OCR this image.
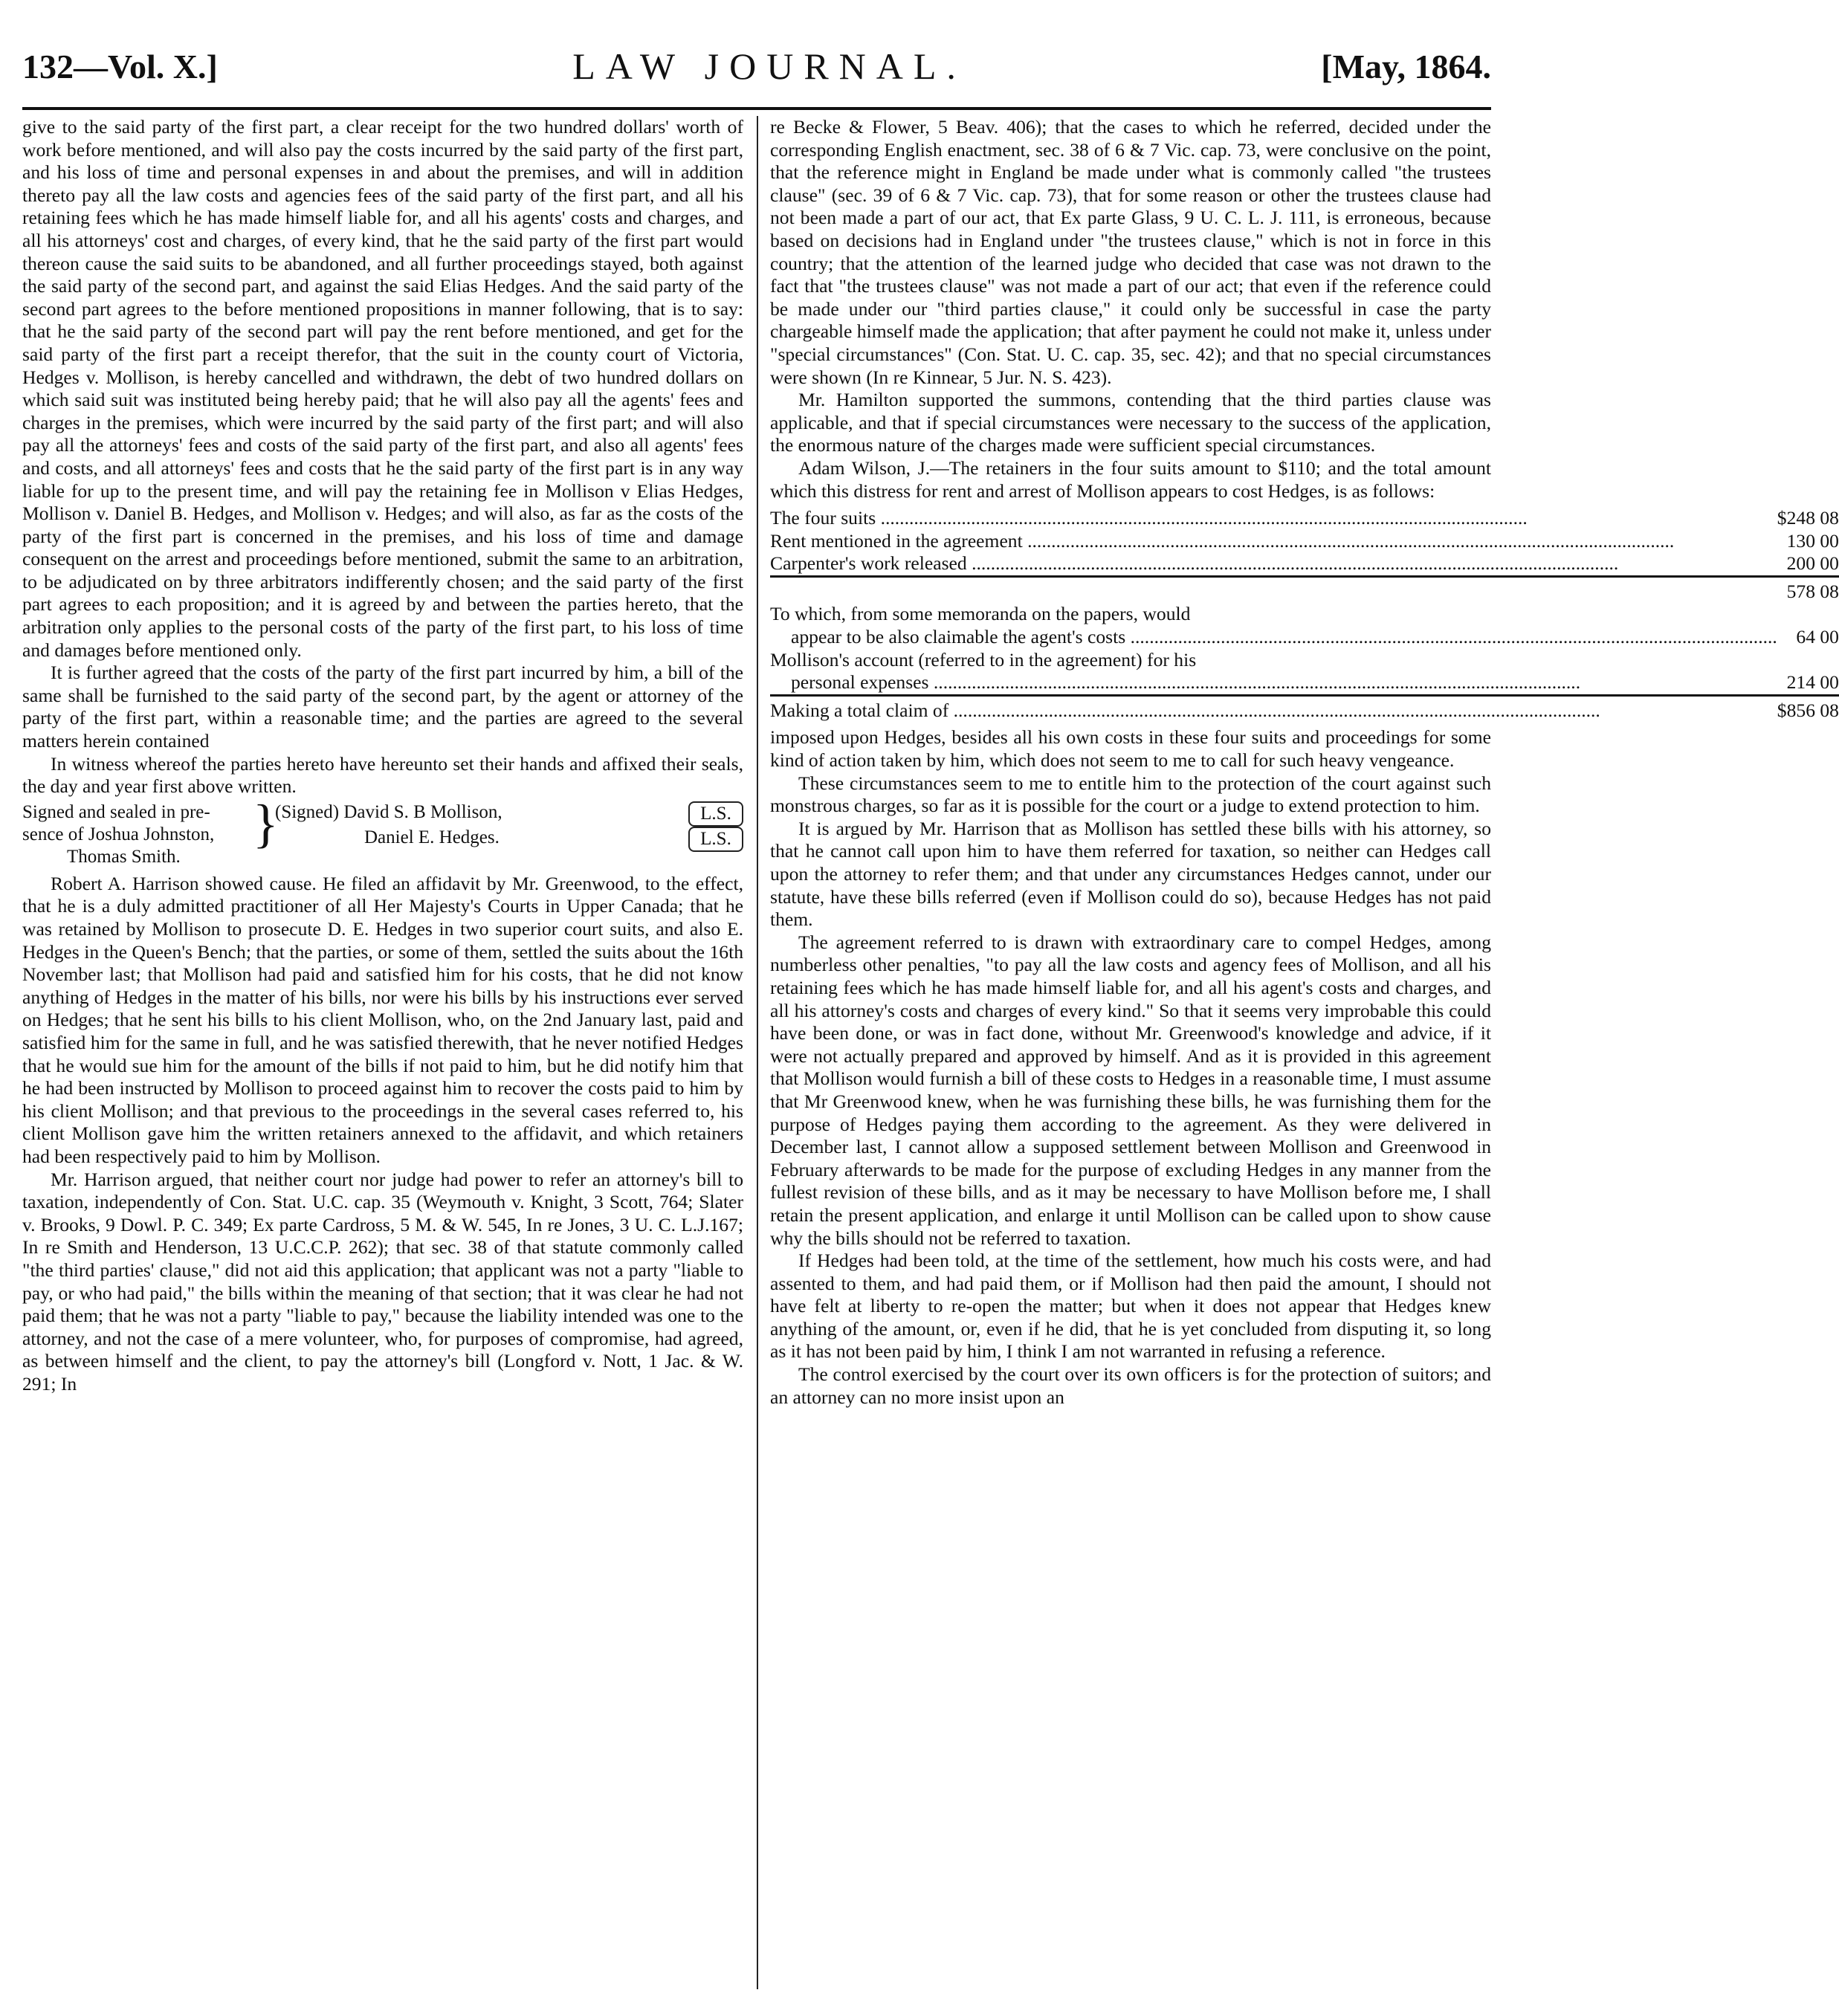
132—Vol. X.]	LAW JOURNAL.	[May, 1864.

give to the said party of the first part, a clear receipt for the two hundred dollars' worth of work before mentioned, and will also pay the costs incurred by the said party of the first part, and his loss of time and personal expenses in and about the premises, and will in addition thereto pay all the law costs and agencies fees of the said party of the first part, and all his retaining fees which he has made himself liable for, and all his agents' costs and charges, and all his attorneys' cost and charges, of every kind, that he the said party of the first part would thereon cause the said suits to be abandoned, and all further proceedings stayed, both against the said party of the second part, and against the said Elias Hedges. And the said party of the second part agrees to the before mentioned propositions in manner following, that is to say: that he the said party of the second part will pay the rent before mentioned, and get for the said party of the first part a receipt therefor, that the suit in the county court of Victoria, Hedges v. Mollison, is hereby cancelled and withdrawn, the debt of two hundred dollars on which said suit was instituted being hereby paid; that he will also pay all the agents' fees and charges in the premises, which were incurred by the said party of the first part; and will also pay all the attorneys' fees and costs of the said party of the first part, and also all agents' fees and costs, and all attorneys' fees and costs that he the said party of the first part is in any way liable for up to the present time, and will pay the retaining fee in Mollison v Elias Hedges, Mollison v. Daniel B. Hedges, and Mollison v. Hedges; and will also, as far as the costs of the party of the first part is concerned in the premises, and his loss of time and damage consequent on the arrest and proceedings before mentioned, submit the same to an arbitration, to be adjudicated on by three arbitrators indifferently chosen; and the said party of the first part agrees to each proposition; and it is agreed by and between the parties hereto, that the arbitration only applies to the personal costs of the party of the first part, to his loss of time and damages before mentioned only.

It is further agreed that the costs of the party of the first part incurred by him, a bill of the same shall be furnished to the said party of the second part, by the agent or attorney of the party of the first part, within a reasonable time; and the parties are agreed to the several matters herein contained

In witness whereof the parties hereto have hereunto set their hands and affixed their seals, the day and year first above written.

Signed and sealed in pre-
sence of Joshua Johnston,
Thomas Smith.
}
(Signed) David S. B Mollison,	L.S.
Daniel E. Hedges.	L.S.

Robert A. Harrison showed cause. He filed an affidavit by Mr. Greenwood, to the effect, that he is a duly admitted practitioner of all Her Majesty's Courts in Upper Canada; that he was retained by Mollison to prosecute D. E. Hedges in two superior court suits, and also E. Hedges in the Queen's Bench; that the parties, or some of them, settled the suits about the 16th November last; that Mollison had paid and satisfied him for his costs, that he did not know anything of Hedges in the matter of his bills, nor were his bills by his instructions ever served on Hedges; that he sent his bills to his client Mollison, who, on the 2nd January last, paid and satisfied him for the same in full, and he was satisfied therewith, that he never notified Hedges that he would sue him for the amount of the bills if not paid to him, but he did notify him that he had been instructed by Mollison to proceed against him to recover the costs paid to him by his client Mollison; and that previous to the proceedings in the several cases referred to, his client Mollison gave him the written retainers annexed to the affidavit, and which retainers had been respectively paid to him by Mollison.

Mr. Harrison argued, that neither court nor judge had power to refer an attorney's bill to taxation, independently of Con. Stat. U.C. cap. 35 (Weymouth v. Knight, 3 Scott, 764; Slater v. Brooks, 9 Dowl. P. C. 349; Ex parte Cardross, 5 M. & W. 545, In re Jones, 3 U. C. L.J.167; In re Smith and Henderson, 13 U.C.C.P. 262); that sec. 38 of that statute commonly called "the third parties' clause," did not aid this application; that applicant was not a party "liable to pay, or who had paid," the bills within the meaning of that section; that it was clear he had not paid them; that he was not a party "liable to pay," because the liability intended was one to the attorney, and not the case of a mere volunteer, who, for purposes of compromise, had agreed, as between himself and the client, to pay the attorney's bill (Longford v. Nott, 1 Jac. & W. 291; In

re Becke & Flower, 5 Beav. 406); that the cases to which he referred, decided under the corresponding English enactment, sec. 38 of 6 & 7 Vic. cap. 73, were conclusive on the point, that the reference might in England be made under what is commonly called "the trustees clause" (sec. 39 of 6 & 7 Vic. cap. 73), that for some reason or other the trustees clause had not been made a part of our act, that Ex parte Glass, 9 U. C. L. J. 111, is erroneous, because based on decisions had in England under "the trustees clause," which is not in force in this country; that the attention of the learned judge who decided that case was not drawn to the fact that "the trustees clause" was not made a part of our act; that even if the reference could be made under our "third parties clause," it could only be successful in case the party chargeable himself made the application; that after payment he could not make it, unless under "special circumstances" (Con. Stat. U. C. cap. 35, sec. 42); and that no special circumstances were shown (In re Kinnear, 5 Jur. N. S. 423).

Mr. Hamilton supported the summons, contending that the third parties clause was applicable, and that if special circumstances were necessary to the success of the application, the enormous nature of the charges made were sufficient special circumstances.

Adam Wilson, J.—The retainers in the four suits amount to $110; and the total amount which this distress for rent and arrest of Mollison appears to cost Hedges, is as follows:

The four suits .....	$248 08
Rent mentioned in the agreement .....	130 00
Carpenter's work released .....	200 00
	578 08
To which, from some memoranda on the papers, would	
appear to be also claimable the agent's costs .....	64 00
Mollison's account (referred to in the agreement) for his	
personal expenses .....	214 00
Making a total claim of .....	$856 08

imposed upon Hedges, besides all his own costs in these four suits and proceedings for some kind of action taken by him, which does not seem to me to call for such heavy vengeance.

These circumstances seem to me to entitle him to the protection of the court against such monstrous charges, so far as it is possible for the court or a judge to extend protection to him.

It is argued by Mr. Harrison that as Mollison has settled these bills with his attorney, so that he cannot call upon him to have them referred for taxation, so neither can Hedges call upon the attorney to refer them; and that under any circumstances Hedges cannot, under our statute, have these bills referred (even if Mollison could do so), because Hedges has not paid them.

The agreement referred to is drawn with extraordinary care to compel Hedges, among numberless other penalties, "to pay all the law costs and agency fees of Mollison, and all his retaining fees which he has made himself liable for, and all his agent's costs and charges, and all his attorney's costs and charges of every kind." So that it seems very improbable this could have been done, or was in fact done, without Mr. Greenwood's knowledge and advice, if it were not actually prepared and approved by himself. And as it is provided in this agreement that Mollison would furnish a bill of these costs to Hedges in a reasonable time, I must assume that Mr Greenwood knew, when he was furnishing these bills, he was furnishing them for the purpose of Hedges paying them according to the agreement. As they were delivered in December last, I cannot allow a supposed settlement between Mollison and Greenwood in February afterwards to be made for the purpose of excluding Hedges in any manner from the fullest revision of these bills, and as it may be necessary to have Mollison before me, I shall retain the present application, and enlarge it until Mollison can be called upon to show cause why the bills should not be referred to taxation.

If Hedges had been told, at the time of the settlement, how much his costs were, and had assented to them, and had paid them, or if Mollison had then paid the amount, I should not have felt at liberty to re-open the matter; but when it does not appear that Hedges knew anything of the amount, or, even if he did, that he is yet concluded from disputing it, so long as it has not been paid by him, I think I am not warranted in refusing a reference.

The control exercised by the court over its own officers is for the protection of suitors; and an attorney can no more insist upon an
